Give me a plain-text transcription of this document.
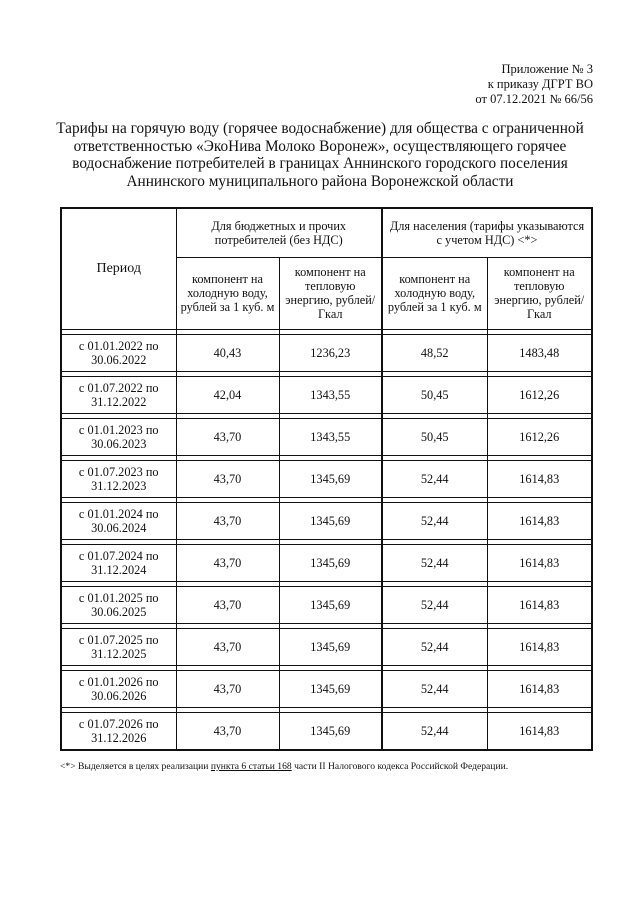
Приложение № 3
к приказу ДГРТ ВО
от 07.12.2021 № 66/56
Тарифы на горячую воду (горячее водоснабжение) для общества с ограниченной
ответственностью «ЭкоНива Молоко Воронеж», осуществляющего горячее
водоснабжение потребителей в границах Аннинского городского поселения
Аннинского муниципального района Воронежской области
Период	Для бюджетных и прочих потребителей (без НДС)		Для населения (тарифы указываются с учетом НДС) <*>	
	компонент на холодную воду, рублей за 1 куб. м	компонент на тепловую энергию, рублей/Гкал	компонент на холодную воду, рублей за 1 куб. м	компонент на тепловую энергию, рублей/Гкал

с 01.01.2022 по 30.06.2022	40,43	1236,23	48,52	1483,48

с 01.07.2022 по 31.12.2022	42,04	1343,55	50,45	1612,26

с 01.01.2023 по 30.06.2023	43,70	1343,55	50,45	1612,26

с 01.07.2023 по 31.12.2023	43,70	1345,69	52,44	1614,83

с 01.01.2024 по 30.06.2024	43,70	1345,69	52,44	1614,83

с 01.07.2024 по 31.12.2024	43,70	1345,69	52,44	1614,83

с 01.01.2025 по 30.06.2025	43,70	1345,69	52,44	1614,83

с 01.07.2025 по 31.12.2025	43,70	1345,69	52,44	1614,83

с 01.01.2026 по 30.06.2026	43,70	1345,69	52,44	1614,83

с 01.07.2026 по 31.12.2026	43,70	1345,69	52,44	1614,83
<*> Выделяется в целях реализации пункта 6 статьи 168 части II Налогового кодекса Российской Федерации.
